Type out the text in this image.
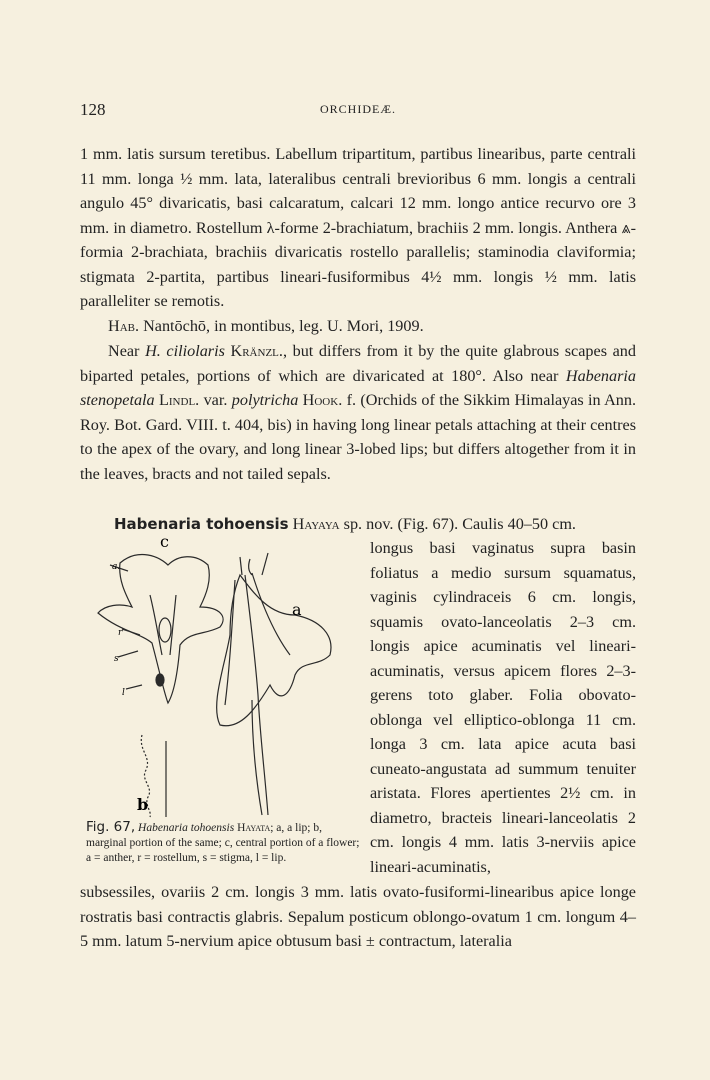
128	ORCHIDEÆ.
1 mm. latis sursum teretibus. Labellum tripartitum, partibus linearibus, parte centrali 11 mm. longa ½ mm. lata, lateralibus centrali brevioribus 6 mm. longis a centrali angulo 45° divaricatis, basi calcaratum, calcari 12 mm. longo antice recurvo ore 3 mm. in diametro. Rostellum λ-forme 2-brachiatum, brachiis 2 mm. longis. Anthera ⩓-formia 2-brachiata, brachiis divaricatis rostello parallelis; staminodia claviformia; stigmata 2-partita, partibus lineari-fusiformibus 4½ mm. longis ½ mm. latis paralleliter se remotis.
Hab. Nantōchō, in montibus, leg. U. Mori, 1909.
Near H. ciliolaris Kränzl., but differs from it by the quite glabrous scapes and biparted petales, portions of which are divaricated at 180°. Also near Habenaria stenopetala Lindl. var. polytricha Hook. f. (Orchids of the Sikkim Himalayas in Ann. Roy. Bot. Gard. VIII. t. 404, bis) in having long linear petals attaching at their centres to the apex of the ovary, and long linear 3-lobed lips; but differs altogether from it in the leaves, bracts and not tailed sepals.
Habenaria tohoensis Hayaya sp. nov. (Fig. 67). Caulis 40–50 cm.
longus basi vaginatus supra basin foliatus a medio sursum squamatus, vaginis cylindraceis 6 cm. longis, squamis ovato-lanceolatis 2–3 cm. longis apice acuminatis vel lineari-acuminatis, versus apicem flores 2–3-gerens toto glaber. Folia obovato-oblonga vel elliptico-oblonga 11 cm. longa 3 cm. lata apice acuta basi cuneato-angustata ad summum tenuiter aristata. Flores apertientes 2½ cm. in diametro, bracteis lineari-lanceolatis 2 cm. longis 4 mm. latis 3-nerviis apice lineari-acuminatis,
c
a
b
a.
r
s
l
Fig. 67, Habenaria tohoensis Hayata; a, a lip; b, marginal portion of the same; c, central portion of a flower; a = anther, r = rostellum, s = stigma, l = lip.
subsessiles, ovariis 2 cm. longis 3 mm. latis ovato-fusiformi-linearibus apice longe rostratis basi contractis glabris. Sepalum posticum oblongo-ovatum 1 cm. longum 4–5 mm. latum 5-nervium apice obtusum basi ± contractum, lateralia
